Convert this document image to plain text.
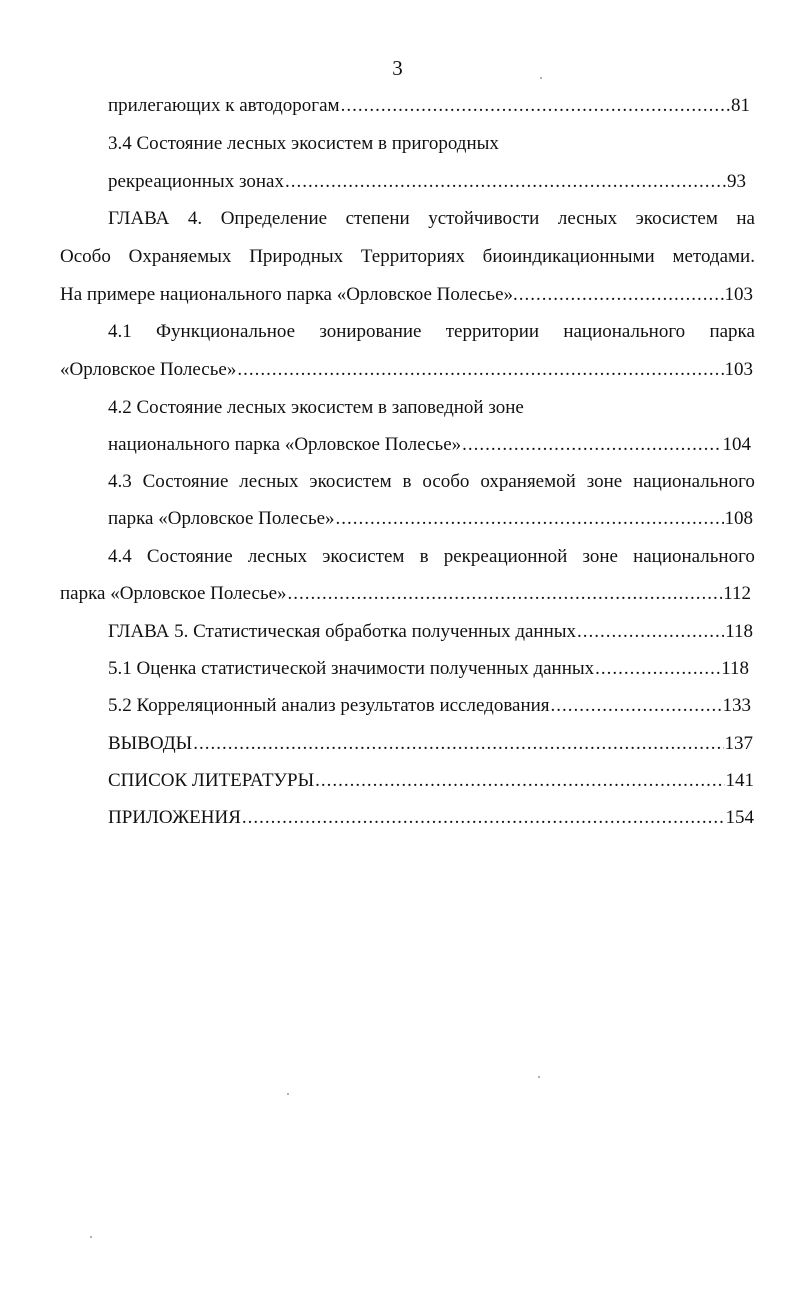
3
прилегающих к автодорогам .....	81
3.4 Состояние лесных экосистем в пригородных
рекреационных зонах .....	93
ГЛАВА 4. Определение степени устойчивости лесных экосистем на
Особо Охраняемых Природных Территориях биоиндикационными методами.
На примере национального парка «Орловское Полесье». .....	103
4.1 Функциональное зонирование территории национального парка
«Орловское Полесье» .....	103
4.2 Состояние лесных экосистем в заповедной зоне
национального парка «Орловское Полесье» .....	104
4.3 Состояние лесных экосистем в особо охраняемой зоне национального
парка «Орловское Полесье» .....	108
4.4 Состояние лесных экосистем в рекреационной зоне национального
парка «Орловское Полесье» .....	112
ГЛАВА 5. Статистическая обработка полученных данных .....	118
5.1 Оценка статистической значимости полученных данных .....	118
5.2 Корреляционный анализ результатов исследования .....	133
ВЫВОДЫ .....	137
СПИСОК ЛИТЕРАТУРЫ .....	141
ПРИЛОЖЕНИЯ .....	154
